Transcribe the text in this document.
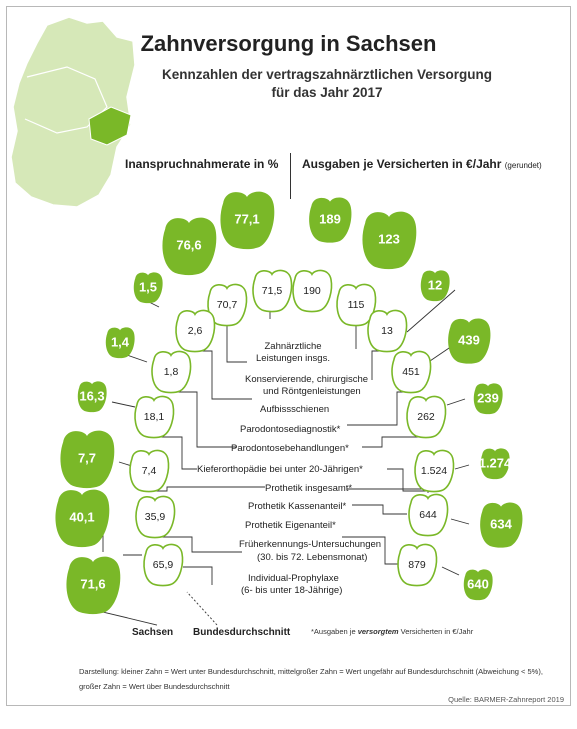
77,1
71,5
76,6
70,7
1,5
2,6
1,4
1,8
16,3
18,1
7,7
7,4
40,1	35,9
71,6
65,9
189
190
123
115
12
13
439
451
239
262
1.274
1.524
634
644
640
879
Zahnversorgung in Sachsen
Kennzahlen der vertragszahnärztlichen Versorgung
für das Jahr 2017
Inanspruchnahmerate in % Ausgaben je Versicherten in €/Jahr (gerundet)
Zahnärztliche
Leistungen insgs.
Konservierende, chirurgische
und Röntgenleistungen
Aufbissschienen
Parodontosediagnostik*
Parodontosebehandlungen*
Kieferorthopädie bei unter 20-Jährigen*
Prothetik insgesamt*
Prothetik Kassenanteil*
Prothetik Eigenanteil*
Früherkennungs-Untersuchungen
(30. bis 72. Lebensmonat)
Individual-Prophylaxe
(6- bis unter 18-Jährige)
Sachsen Bundesdurchschnitt	*Ausgaben je versorgtem Versicherten in €/Jahr
Darstellung: kleiner Zahn = Wert unter Bundesdurchschnitt, mittelgroßer Zahn = Wert ungefähr auf Bundesdurchschnitt (Abweichung < 5%),
großer Zahn = Wert über Bundesdurchschnitt
Quelle: BARMER-Zahnreport 2019
